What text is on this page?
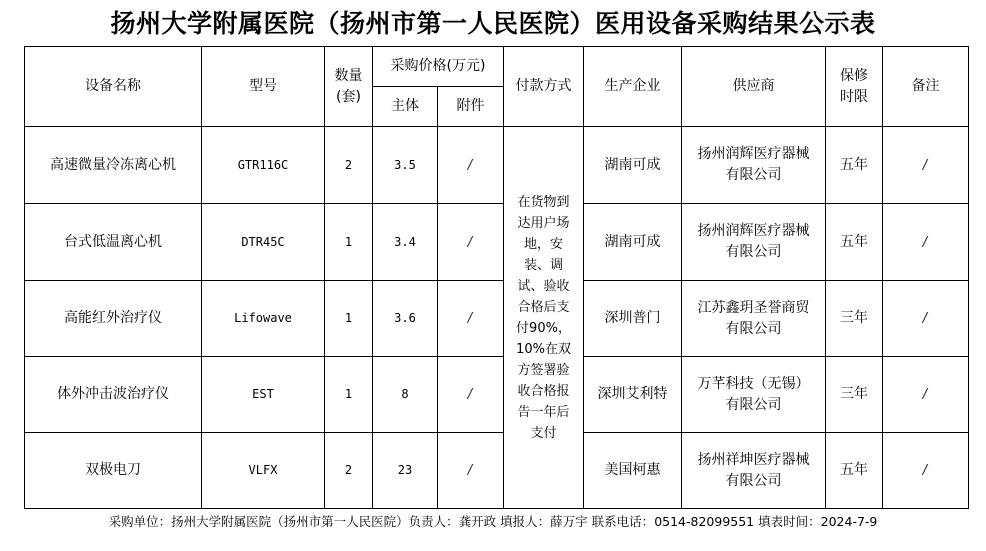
扬州大学附属医院（扬州市第一人民医院）医用设备采购结果公示表
设备名称	型号	数量(套)	采购价格(万元)		付款方式	生产企业	供应商	保修时限	备注
			主体	附件					
高速微量冷冻离心机	GTR116C	2	3.5	/	在货物到达用户场地，安装、调试、验收合格后支付90%，10%在双方签署验收合格报告一年后支付	湖南可成	扬州润辉医疗器械有限公司	五年	/
台式低温离心机	DTR45C	1	3.4	/		湖南可成	扬州润辉医疗器械有限公司	五年	/
高能红外治疗仪	Lifowave	1	3.6	/		深圳普门	江苏鑫玥圣誉商贸有限公司	三年	/
体外冲击波治疗仪	EST	1	8	/		深圳艾利特	万芊科技（无锡）有限公司	三年	/
双极电刀	VLFX	2	23	/		美国柯惠	扬州祥坤医疗器械有限公司	五年	/
采购单位：扬州大学附属医院（扬州市第一人民医院）负责人：龚开政 填报人：薛万宇 联系电话：0514-82099551 填表时间：2024-7-9
